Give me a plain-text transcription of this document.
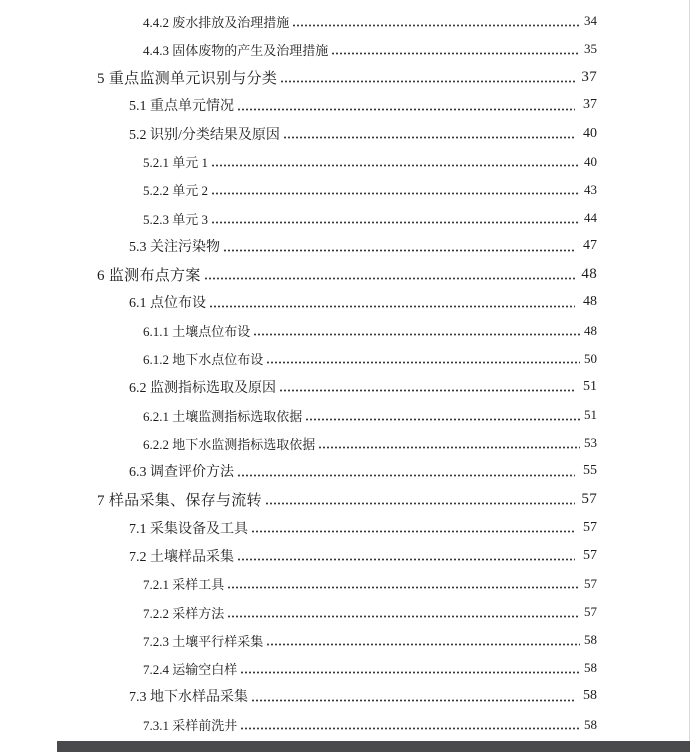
4.4.2 废水排放及治理措施	34
4.4.3 固体废物的产生及治理措施	35
5 重点监测单元识别与分类	37
5.1 重点单元情况	37
5.2 识别/分类结果及原因	40
5.2.1 单元 1	40
5.2.2 单元 2	43
5.2.3 单元 3	44
5.3 关注污染物	47
6 监测布点方案	48
6.1 点位布设	48
6.1.1 土壤点位布设	48
6.1.2 地下水点位布设	50
6.2 监测指标选取及原因	51
6.2.1 土壤监测指标选取依据	51
6.2.2 地下水监测指标选取依据	53
6.3 调查评价方法	55
7 样品采集、保存与流转	57
7.1 采集设备及工具	57
7.2 土壤样品采集	57
7.2.1 采样工具	57
7.2.2 采样方法	57
7.2.3 土壤平行样采集	58
7.2.4 运输空白样	58
7.3 地下水样品采集	58
7.3.1 采样前洗井	58
